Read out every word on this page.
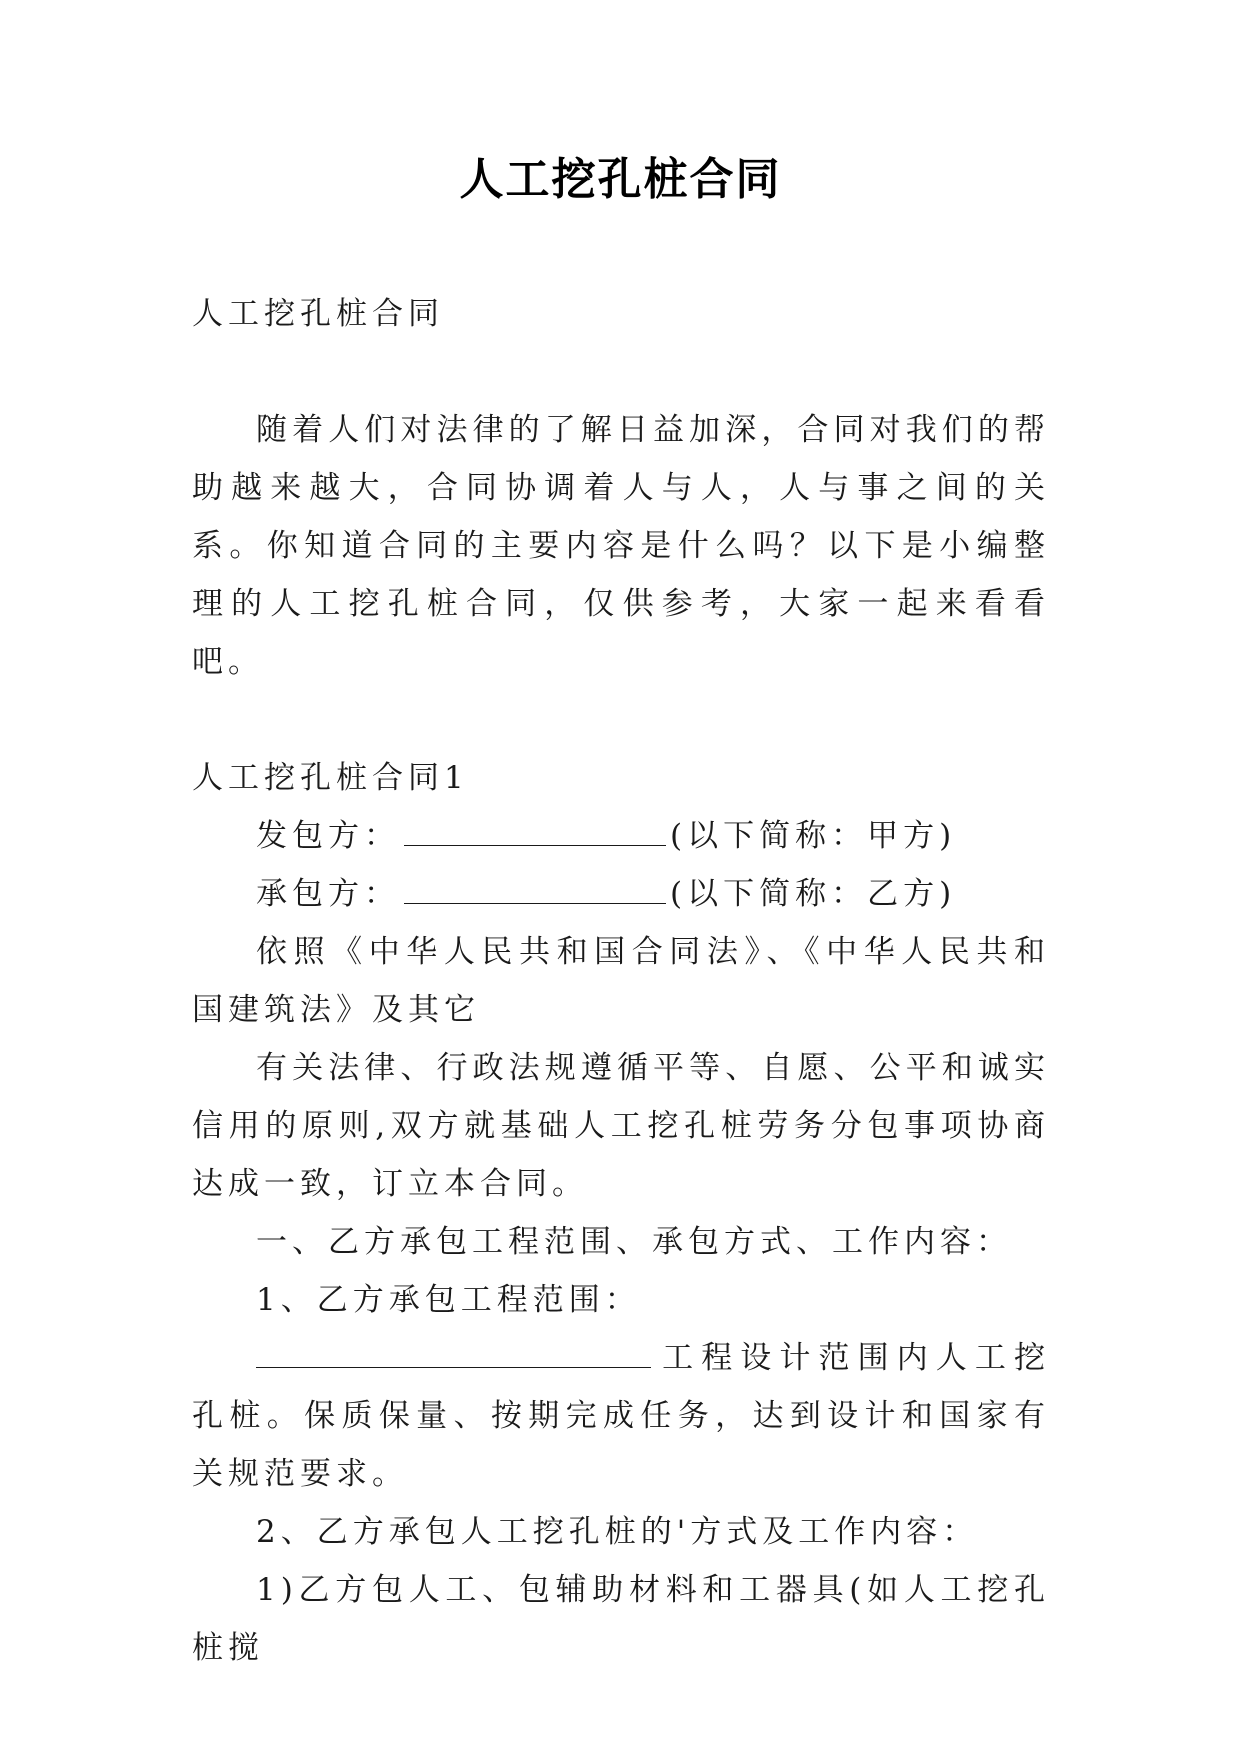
人工挖孔桩合同

人工挖孔桩合同

随着人们对法律的了解日益加深，合同对我们的帮助越来越大，合同协调着人与人，人与事之间的关系。你知道合同的主要内容是什么吗？以下是小编整理的人工挖孔桩合同，仅供参考，大家一起来看看吧。

人工挖孔桩合同1

发包方：	(以下简称：甲方)

承包方：	(以下简称：乙方)

依照《中华人民共和国合同法》、《中华人民共和国建筑法》及其它

有关法律、行政法规遵循平等、自愿、公平和诚实信用的原则,双方就基础人工挖孔桩劳务分包事项协商达成一致，订立本合同。

一、乙方承包工程范围、承包方式、工作内容：

1、乙方承包工程范围：

工程设计范围内人工挖孔桩。保质保量、按期完成任务，达到设计和国家有关规范要求。

2、乙方承包人工挖孔桩的'方式及工作内容：

1)乙方包人工、包辅助材料和工器具(如人工挖孔桩搅
